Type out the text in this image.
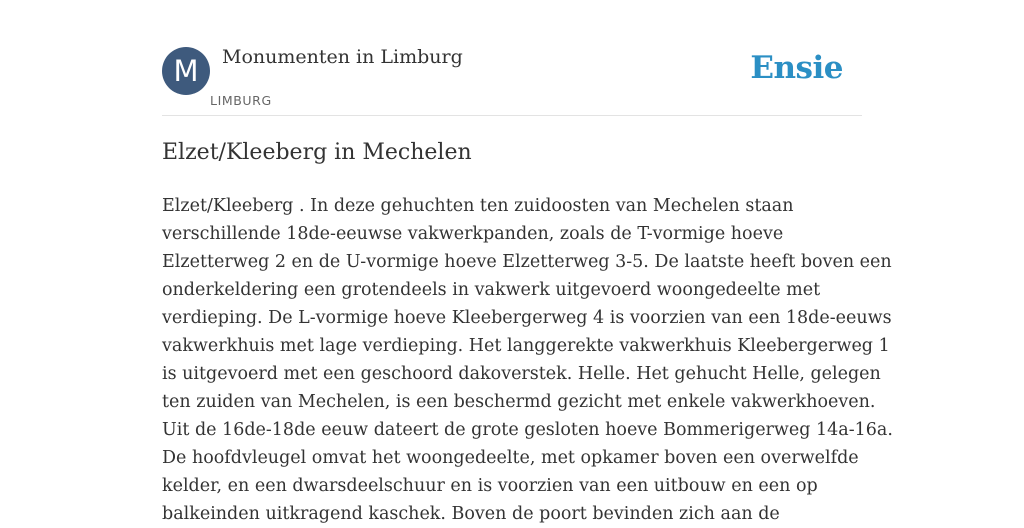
M	Monumenten in Limburg
LIMBURG
Ensie
Elzet/Kleeberg in Mechelen
Elzet/Kleeberg . In deze gehuchten ten zuidoosten van Mechelen staan
verschillende 18de-eeuwse vakwerkpanden, zoals de T-vormige hoeve
Elzetterweg 2 en de U-vormige hoeve Elzetterweg 3-5. De laatste heeft boven een
onderkeldering een grotendeels in vakwerk uitgevoerd woongedeelte met
verdieping. De L-vormige hoeve Kleebergerweg 4 is voorzien van een 18de-eeuws
vakwerkhuis met lage verdieping. Het langgerekte vakwerkhuis Kleebergerweg 1
is uitgevoerd met een geschoord dakoverstek. Helle. Het gehucht Helle, gelegen
ten zuiden van Mechelen, is een beschermd gezicht met enkele vakwerkhoeven.
Uit de 16de-18de eeuw dateert de grote gesloten hoeve Bommerigerweg 14a-16a.
De hoofdvleugel omvat het woongedeelte, met opkamer boven een overwelfde
kelder, en een dwarsdeelschuur en is voorzien van een uitbouw en een op
balkeinden uitkragend kaschek. Boven de poort bevinden zich aan de
